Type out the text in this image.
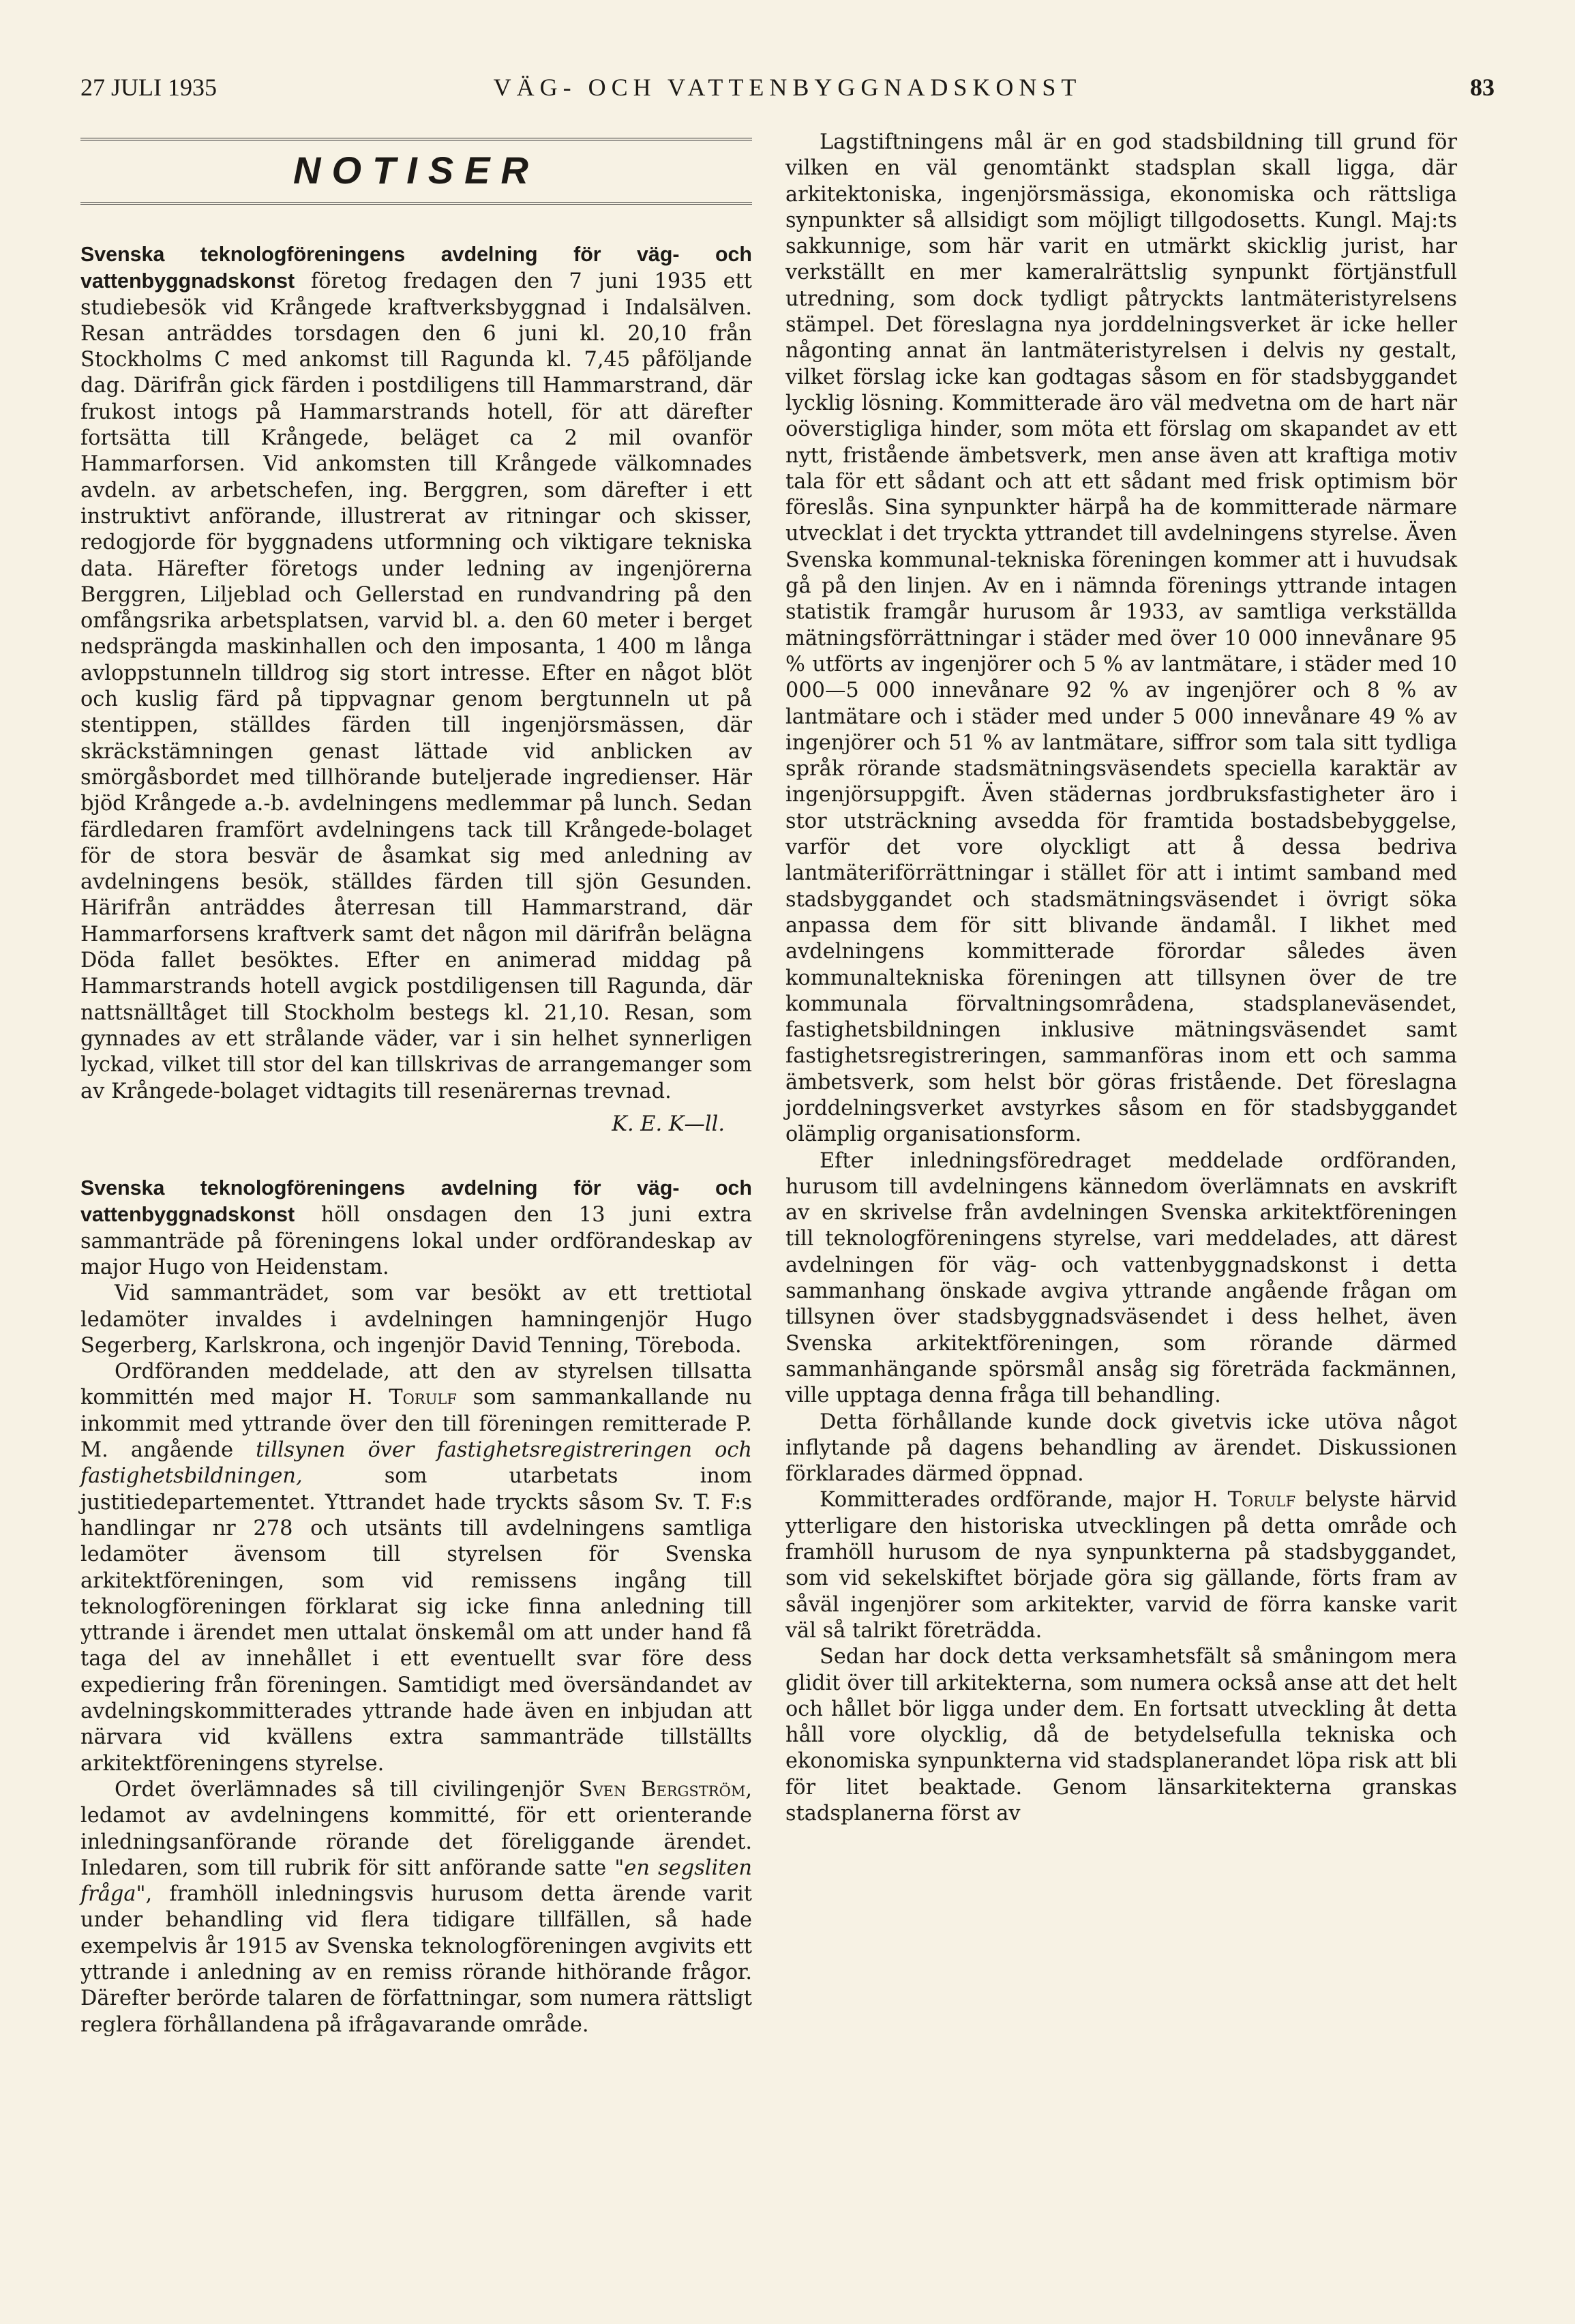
27 JULI 1935	VÄG- OCH VATTENBYGGNADSKONST	83
NOTISER

Svenska teknologföreningens avdelning för väg- och vattenbyggnadskonst företog fredagen den 7 juni 1935 ett studiebesök vid Krångede kraftverksbyggnad i Indalsälven. Resan anträddes torsdagen den 6 juni kl. 20,10 från Stockholms C med ankomst till Ragunda kl. 7,45 påföljande dag. Därifrån gick färden i postdiligens till Hammarstrand, där frukost intogs på Hammarstrands hotell, för att därefter fortsätta till Krångede, beläget ca 2 mil ovanför Hammarforsen. Vid ankomsten till Krångede välkomnades avdeln. av arbetschefen, ing. Berggren, som därefter i ett instruktivt anförande, illustrerat av ritningar och skisser, redogjorde för byggnadens utformning och viktigare tekniska data. Härefter företogs under ledning av ingenjörerna Berggren, Liljeblad och Gellerstad en rundvandring på den omfångsrika arbetsplatsen, varvid bl. a. den 60 meter i berget nedsprängda maskinhallen och den imposanta, 1 400 m långa avloppstunneln tilldrog sig stort intresse. Efter en något blöt och kuslig färd på tippvagnar genom bergtunneln ut på stentippen, ställdes färden till ingenjörsmässen, där skräckstämningen genast lättade vid anblicken av smörgåsbordet med tillhörande buteljerade ingredienser. Här bjöd Krångede a.-b. avdelningens medlemmar på lunch. Sedan färdledaren framfört avdelningens tack till Krångede-bolaget för de stora besvär de åsamkat sig med anledning av avdelningens besök, ställdes färden till sjön Gesunden. Härifrån anträddes återresan till Hammarstrand, där Hammarforsens kraftverk samt det någon mil därifrån belägna Döda fallet besöktes. Efter en animerad middag på Hammarstrands hotell avgick postdiligensen till Ragunda, där nattsnälltåget till Stockholm bestegs kl. 21,10. Resan, som gynnades av ett strålande väder, var i sin helhet synnerligen lyckad, vilket till stor del kan tillskrivas de arrangemanger som av Krångede-bolaget vidtagits till resenärernas trevnad.

K. E. K—ll.

Svenska teknologföreningens avdelning för väg- och vattenbyggnadskonst höll onsdagen den 13 juni extra sammanträde på föreningens lokal under ordförandeskap av major Hugo von Heidenstam.

Vid sammanträdet, som var besökt av ett trettiotal ledamöter invaldes i avdelningen hamningenjör Hugo Segerberg, Karlskrona, och ingenjör David Tenning, Töreboda.

Ordföranden meddelade, att den av styrelsen tillsatta kommittén med major H. Torulf som sammankallande nu inkommit med yttrande över den till föreningen remitterade P. M. angående tillsynen över fastighetsregistreringen och fastighetsbildningen,	som utarbetats inom justitiedepartementet. Yttrandet hade tryckts såsom Sv. T. F:s handlingar nr 278 och utsänts till avdelningens samtliga ledamöter ävensom till styrelsen för Svenska arkitektföreningen, som vid remissens ingång till teknologföreningen förklarat sig icke finna anledning till yttrande i ärendet men uttalat önskemål om att under hand få taga del av innehållet i ett eventuellt svar före dess expediering från föreningen. Samtidigt med översändandet av avdelningskommitterades yttrande hade även en inbjudan att närvara vid kvällens extra sammanträde tillställts arkitektföreningens styrelse.

Ordet överlämnades så till civilingenjör Sven Bergström, ledamot av avdelningens kommitté, för ett orienterande inledningsanförande rörande det föreliggande ärendet. Inledaren, som till rubrik för sitt anförande satte "en segsliten fråga", framhöll inledningsvis hurusom detta ärende varit under behandling vid flera tidigare tillfällen, så hade exempelvis år 1915 av Svenska teknologföreningen avgivits ett yttrande i anledning av en remiss rörande hithörande frågor. Därefter berörde talaren de författningar, som numera rättsligt reglera förhållandena på ifrågavarande område.

Lagstiftningens mål är en god stadsbildning till grund för vilken en väl genomtänkt stadsplan skall ligga, där arkitektoniska, ingenjörsmässiga, ekonomiska och rättsliga synpunkter så allsidigt som möjligt tillgodosetts. Kungl. Maj:ts sakkunnige, som här varit en utmärkt skicklig jurist, har verkställt en mer kameralrättslig synpunkt förtjänstfull utredning, som dock tydligt påtryckts lantmäteristyrelsens stämpel. Det föreslagna nya jorddelningsverket är icke heller någonting annat än lantmäteristyrelsen i delvis ny gestalt, vilket förslag icke kan godtagas såsom en för stadsbyggandet lycklig lösning. Kommitterade äro väl medvetna om de hart när oöverstigliga hinder, som möta ett förslag om skapandet av ett nytt, fristående ämbetsverk, men anse även att kraftiga motiv tala för ett sådant och att ett sådant med frisk optimism bör föreslås. Sina synpunkter härpå ha de kommitterade närmare utvecklat i det tryckta yttrandet till avdelningens styrelse. Även Svenska kommunal-tekniska föreningen kommer att i huvudsak gå på den linjen. Av en i nämnda förenings yttrande intagen statistik framgår hurusom år 1933, av samtliga verkställda mätningsförrättningar i städer med över 10 000 innevånare 95 % utförts av ingenjörer och 5 % av lantmätare, i städer med 10 000—5 000 innevånare 92 % av ingenjörer och 8 % av lantmätare och i städer med under 5 000 innevånare 49 % av ingenjörer och 51 % av lantmätare, siffror som tala sitt tydliga språk rörande stadsmätningsväsendets speciella karaktär av ingenjörsuppgift. Även städernas jordbruksfastigheter äro i stor utsträckning avsedda för framtida bostadsbebyggelse, varför det vore olyckligt att å dessa bedriva lantmäteriförrättningar i stället för att i intimt samband med stadsbyggandet och stadsmätningsväsendet i övrigt söka anpassa dem för sitt blivande ändamål. I likhet med avdelningens kommitterade förordar således även kommunaltekniska föreningen att tillsynen över de tre kommunala förvaltningsområdena, stadsplaneväsendet, fastighetsbildningen inklusive mätningsväsendet samt fastighetsregistreringen, sammanföras inom ett och samma ämbetsverk, som helst bör göras fristående. Det föreslagna jorddelningsverket avstyrkes såsom en för stadsbyggandet olämplig organisationsform.

Efter inledningsföredraget meddelade ordföranden, hurusom till avdelningens kännedom överlämnats en avskrift av en skrivelse från avdelningen Svenska arkitektföreningen till teknologföreningens styrelse, vari meddelades, att därest avdelningen för väg- och vattenbyggnadskonst i detta sammanhang önskade avgiva yttrande angående frågan om tillsynen över stadsbyggnadsväsendet i dess helhet, även Svenska arkitektföreningen, som rörande därmed sammanhängande spörsmål ansåg sig företräda fackmännen, ville upptaga denna fråga till behandling.

Detta förhållande kunde dock givetvis icke utöva något inflytande på dagens behandling av ärendet. Diskussionen förklarades därmed öppnad.

Kommitterades ordförande, major H. Torulf belyste härvid ytterligare den historiska utvecklingen på detta område och framhöll hurusom de nya synpunkterna på stadsbyggandet, som vid sekelskiftet började göra sig gällande, förts fram av såväl ingenjörer som arkitekter, varvid de förra kanske varit väl så talrikt företrädda.

Sedan har dock detta verksamhetsfält så småningom mera glidit över till arkitekterna, som numera också anse att det helt och hållet bör ligga under dem. En fortsatt utveckling åt detta håll vore olycklig, då de betydelsefulla tekniska och ekonomiska synpunkterna vid stadsplanerandet löpa risk att bli för litet beaktade. Genom länsarkitekterna granskas stadsplanerna först av
